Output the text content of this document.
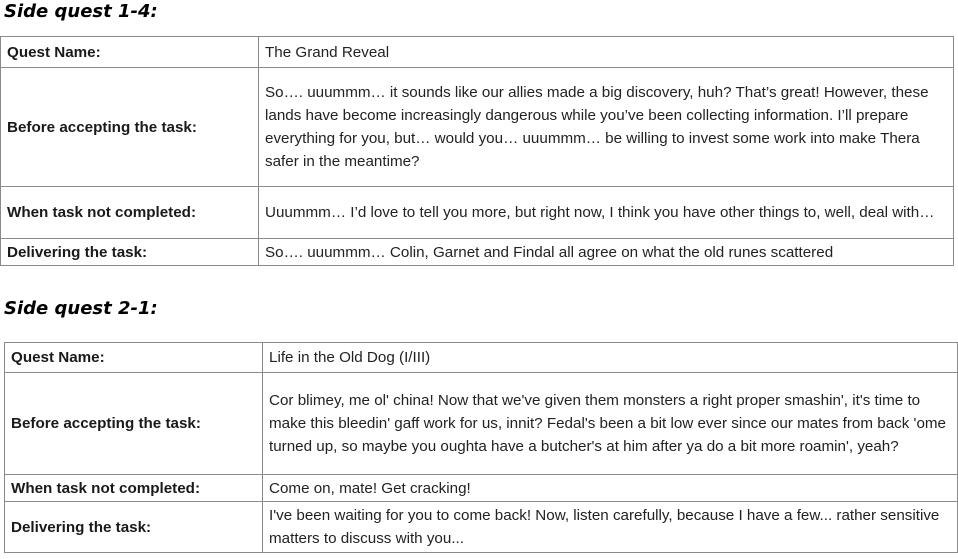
Side quest 1-4:
Quest Name:	The Grand Reveal
Before accepting the task:	So…. uuummm… it sounds like our allies made a big discovery, huh? That’s great! However, these lands have become increasingly dangerous while you’ve been collecting information. I’ll prepare everything for you, but… would you… uuummm… be willing to invest some work into make Thera safer in the meantime?
When task not completed:	Uuummm… I’d love to tell you more, but right now, I think you have other things to, well, deal with…
Delivering the task:	So…. uuummm… Colin, Garnet and Findal all agree on what the old runes scattered
Side quest 2-1:
Quest Name:	Life in the Old Dog (I/III)
Before accepting the task:	Cor blimey, me ol' china! Now that we've given them monsters a right proper smashin', it's time to make this bleedin' gaff work for us, innit? Fedal's been a bit low ever since our mates from back 'ome turned up, so maybe you oughta have a butcher's at him after ya do a bit more roamin', yeah?
When task not completed:	Come on, mate! Get cracking!
Delivering the task:	I've been waiting for you to come back! Now, listen carefully, because I have a few... rather sensitive matters to discuss with you...
